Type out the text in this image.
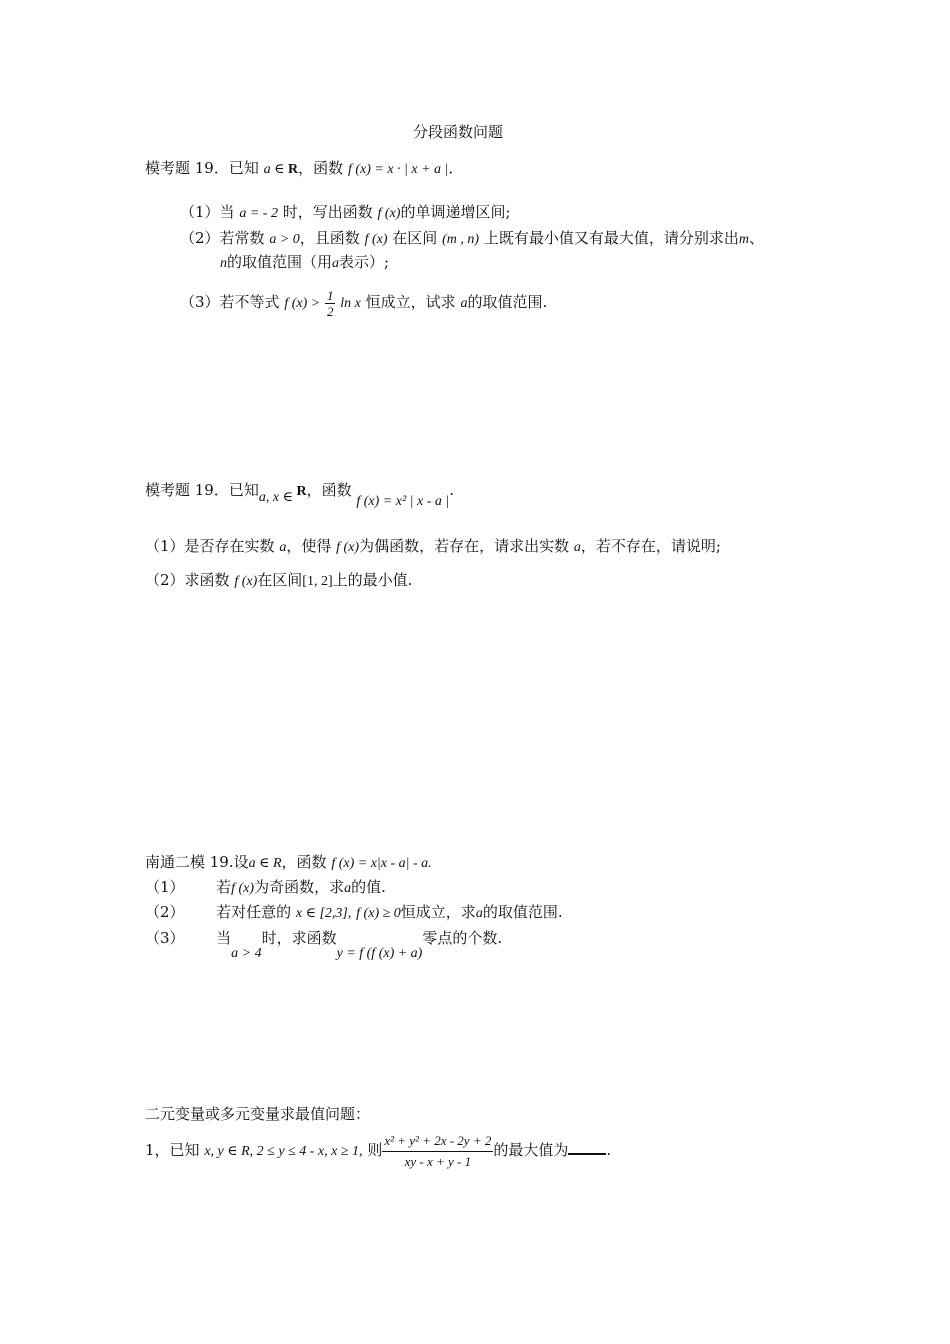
分段函数问题
模考题 19．已知 a ∈ R，函数 f (x) = x · | x + a |．
（1）当 a = - 2 时，写出函数 f (x)的单调递增区间;
（2）若常数 a > 0，且函数 f (x) 在区间 (m , n) 上既有最小值又有最大值，请分别求出m、
n的取值范围（用a表示）;
（3）若不等式 f $(x) > \frac{1}{2}$ ln x 恒成立，试求 a的取值范围.
模考题 19．已知a, x ∈ R，函数 f (x) = x² | x - a |.
（1）是否存在实数 a，使得 f (x)为偶函数，若存在，请求出实数 a，若不存在，请说明;
（2）求函数 f (x)在区间[1, 2]上的最小值.
南通二模 19.设a ∈ R，函数 f (x) = x|x - a| - a.
（1） 若f (x)为奇函数，求a的值.
（2） 若对任意的 x ∈ [2,3], f (x) ≥ 0恒成立，求a的取值范围.
（3） 当a > 4时，求函数y = f (f (x) + a)零点的个数.
二元变量或多元变量求最值问题：
1，已知 x, y ∈ R, 2 ≤ y ≤ 4 - x, x ≥ 1, 则 $\frac{\text{x² + y² + 2x - 2y + 2}}{xy - x + y - 1}$ 的最大值为	.
